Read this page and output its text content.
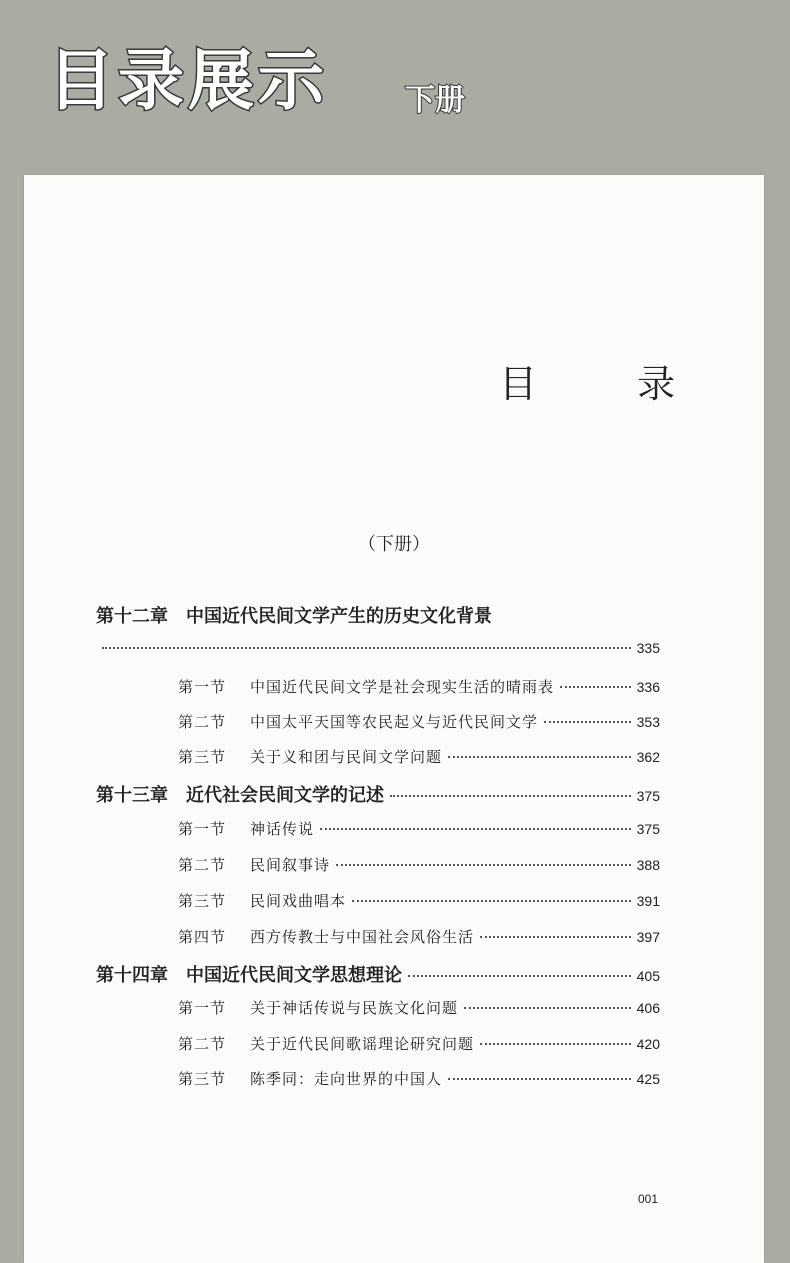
目录展示	下册
目 录
（下册）
第十二章　中国近代民间文学产生的历史文化背景
335
第一节	中国近代民间文学是社会现实生活的晴雨表	336
第二节	中国太平天国等农民起义与近代民间文学	353
第三节	关于义和团与民间文学问题	362
第十三章　近代社会民间文学的记述	375
第一节	神话传说	375
第二节	民间叙事诗	388
第三节	民间戏曲唱本	391
第四节	西方传教士与中国社会风俗生活	397
第十四章　中国近代民间文学思想理论	405
第一节	关于神话传说与民族文化问题	406
第二节	关于近代民间歌谣理论研究问题	420
第三节	陈季同：走向世界的中国人	425
001
